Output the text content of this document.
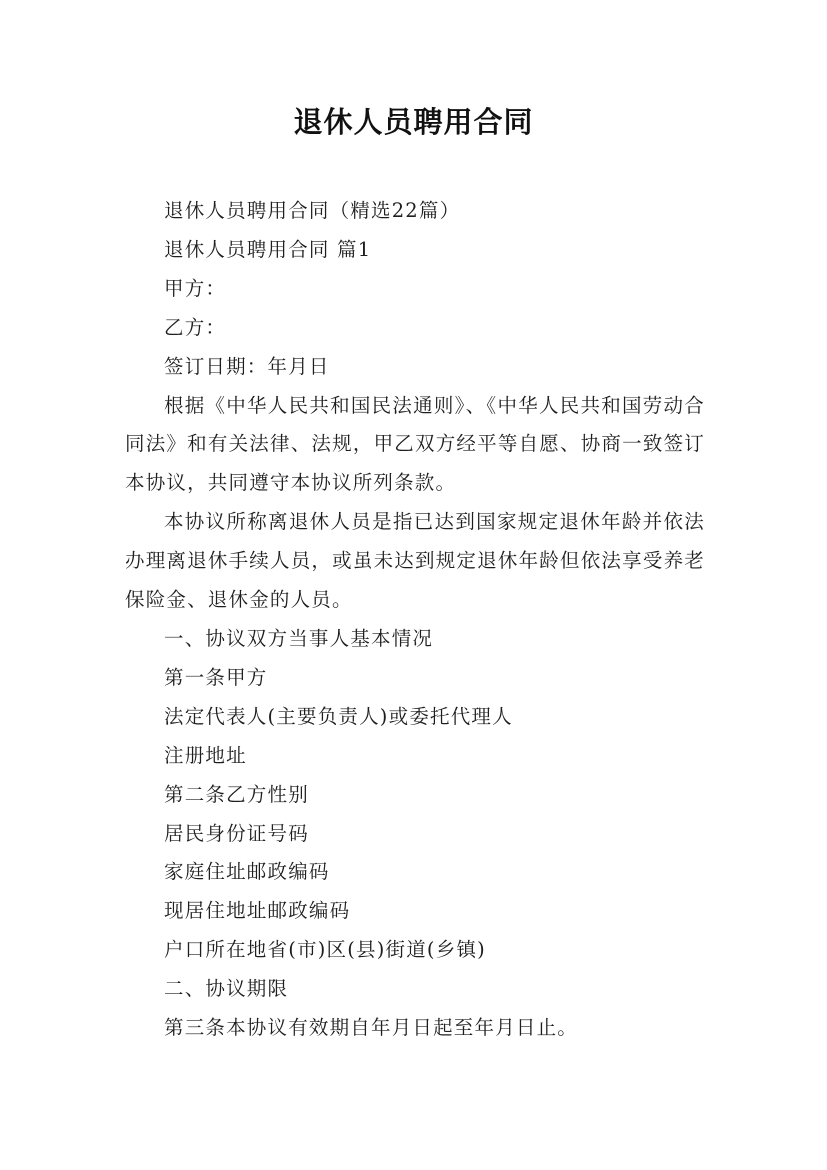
退休人员聘用合同

退休人员聘用合同（精选22篇）

退休人员聘用合同 篇1

甲方：

乙方：

签订日期：年月日

根据《中华人民共和国民法通则》、《中华人民共和国劳动合同法》和有关法律、法规，甲乙双方经平等自愿、协商一致签订本协议，共同遵守本协议所列条款。

本协议所称离退休人员是指已达到国家规定退休年龄并依法办理离退休手续人员，或虽未达到规定退休年龄但依法享受养老保险金、退休金的人员。

一、协议双方当事人基本情况

第一条甲方

法定代表人(主要负责人)或委托代理人

注册地址

第二条乙方性别

居民身份证号码

家庭住址邮政编码

现居住地址邮政编码

户口所在地省(市)区(县)街道(乡镇)

二、协议期限

第三条本协议有效期自年月日起至年月日止。
